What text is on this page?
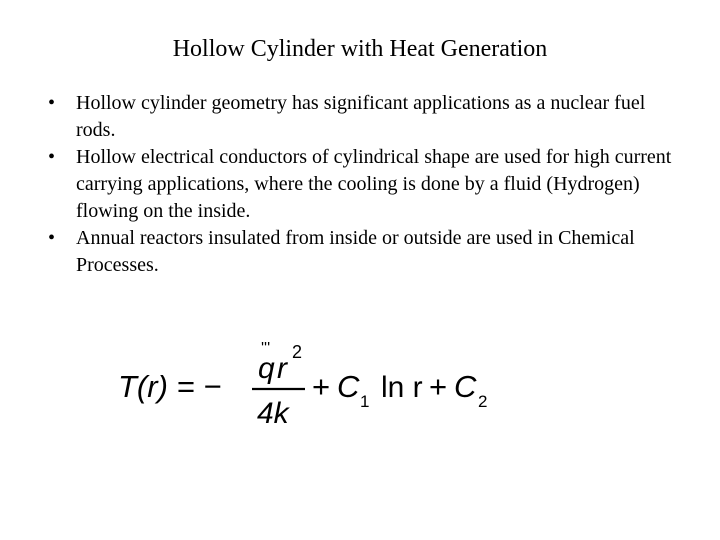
Hollow Cylinder with Heat Generation
• Hollow cylinder geometry has significant applications as a nuclear fuel rods.
• Hollow electrical conductors of cylindrical shape are used for high current carrying applications, where the cooling is done by a fluid (Hydrogen) flowing on the inside.
• Annual reactors insulated from inside or outside are used in Chemical Processes.
T(r) = −
q
'''
r 2
4k
+ C 1 ln r + C 2
